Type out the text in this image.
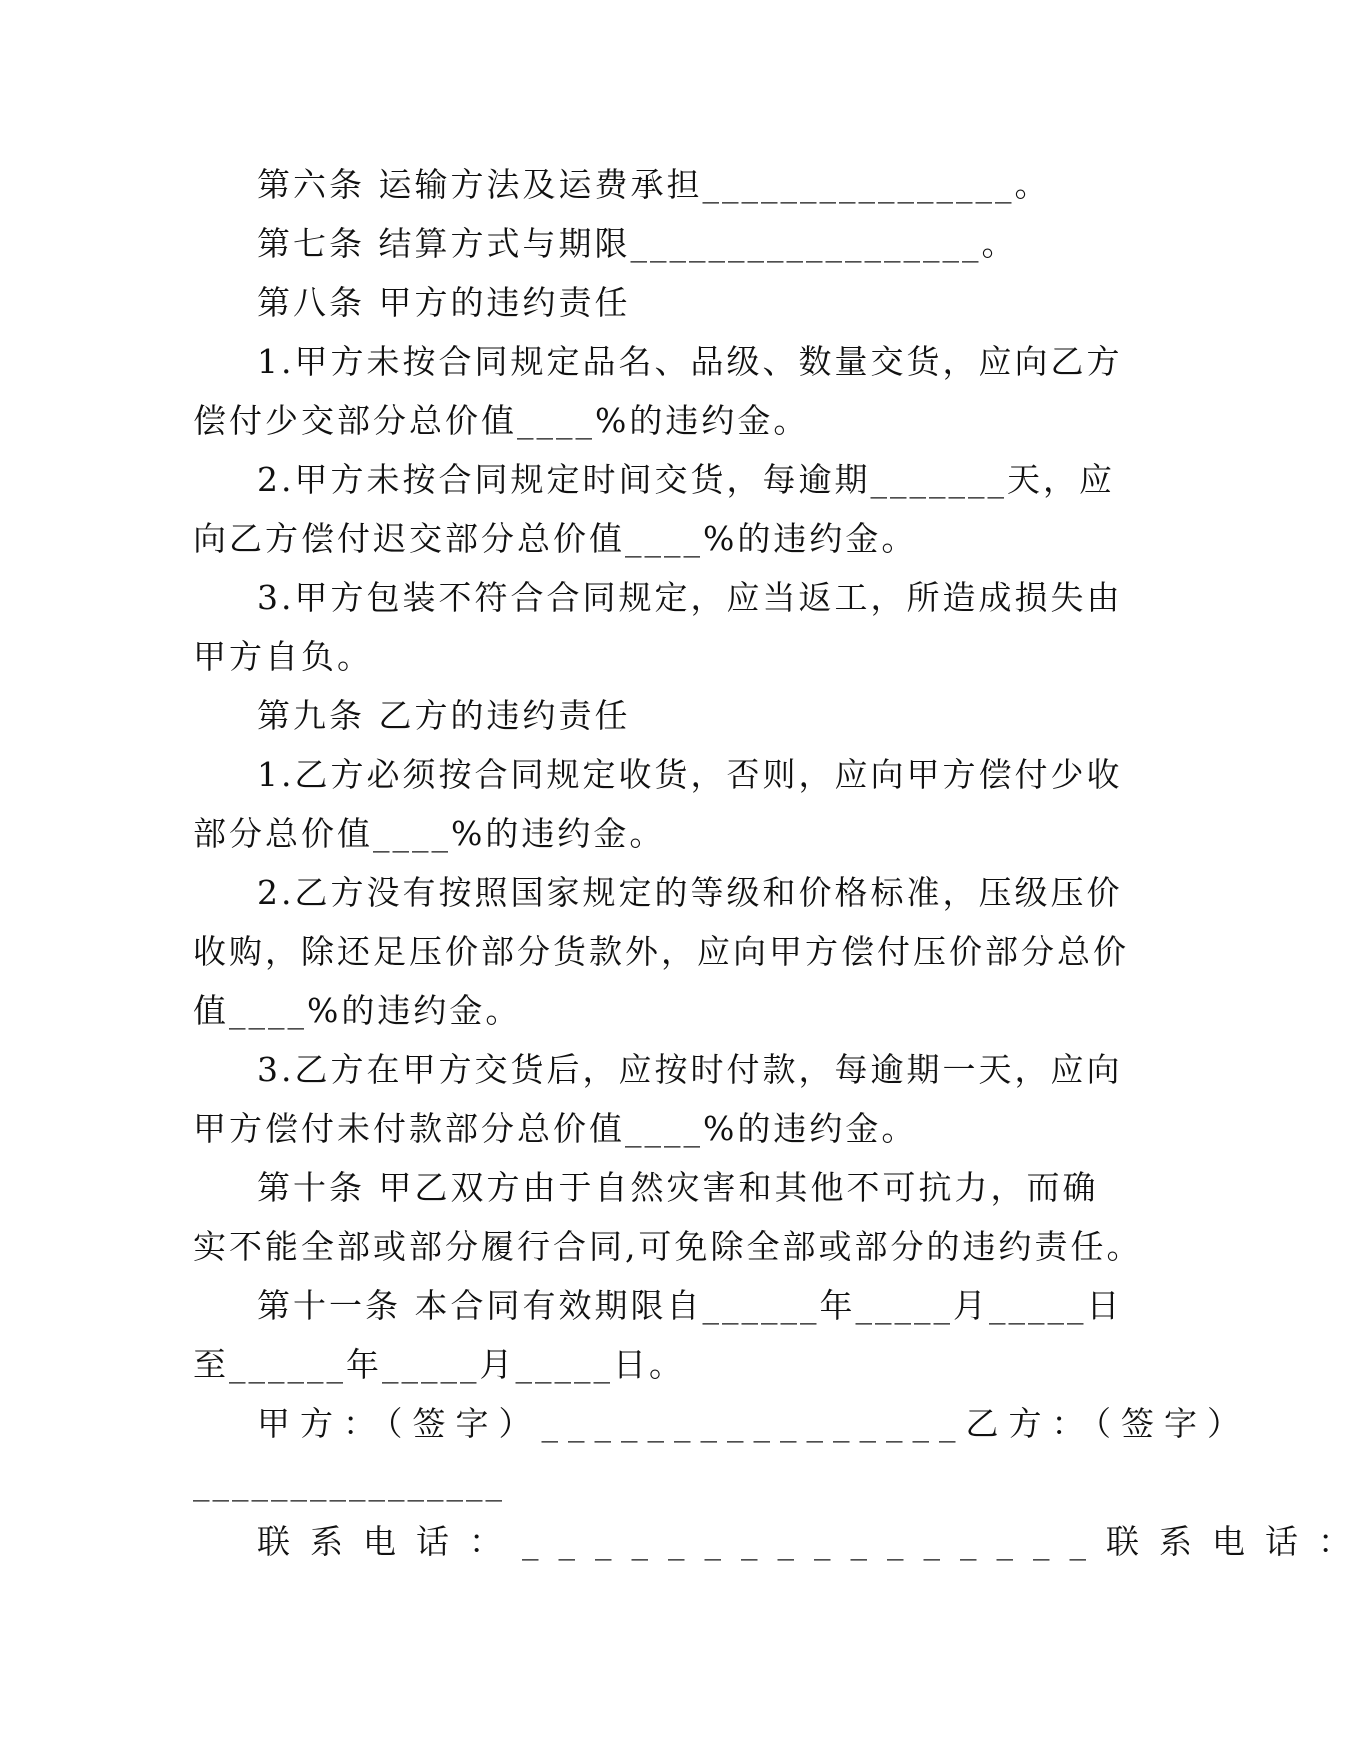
第六条 运输方法及运费承担________________。
第七条 结算方式与期限__________________。
第八条 甲方的违约责任
1.甲方未按合同规定品名、品级、数量交货，应向乙方
偿付少交部分总价值____%的违约金。
2.甲方未按合同规定时间交货，每逾期_______天，应
向乙方偿付迟交部分总价值____%的违约金。
3.甲方包装不符合合同规定，应当返工，所造成损失由
甲方自负。
第九条 乙方的违约责任
1.乙方必须按合同规定收货，否则，应向甲方偿付少收
部分总价值____%的违约金。
2.乙方没有按照国家规定的等级和价格标准，压级压价
收购，除还足压价部分货款外，应向甲方偿付压价部分总价
值____%的违约金。
3.乙方在甲方交货后，应按时付款，每逾期一天，应向
甲方偿付未付款部分总价值____%的违约金。
第十条 甲乙双方由于自然灾害和其他不可抗力，而确
实不能全部或部分履行合同,可免除全部或部分的违约责任。
第十一条 本合同有效期限自______年_____月_____日
至______年_____月_____日。
甲方：（签字）________________乙方：（签字）
________________
联系电话：________________联系电话：
